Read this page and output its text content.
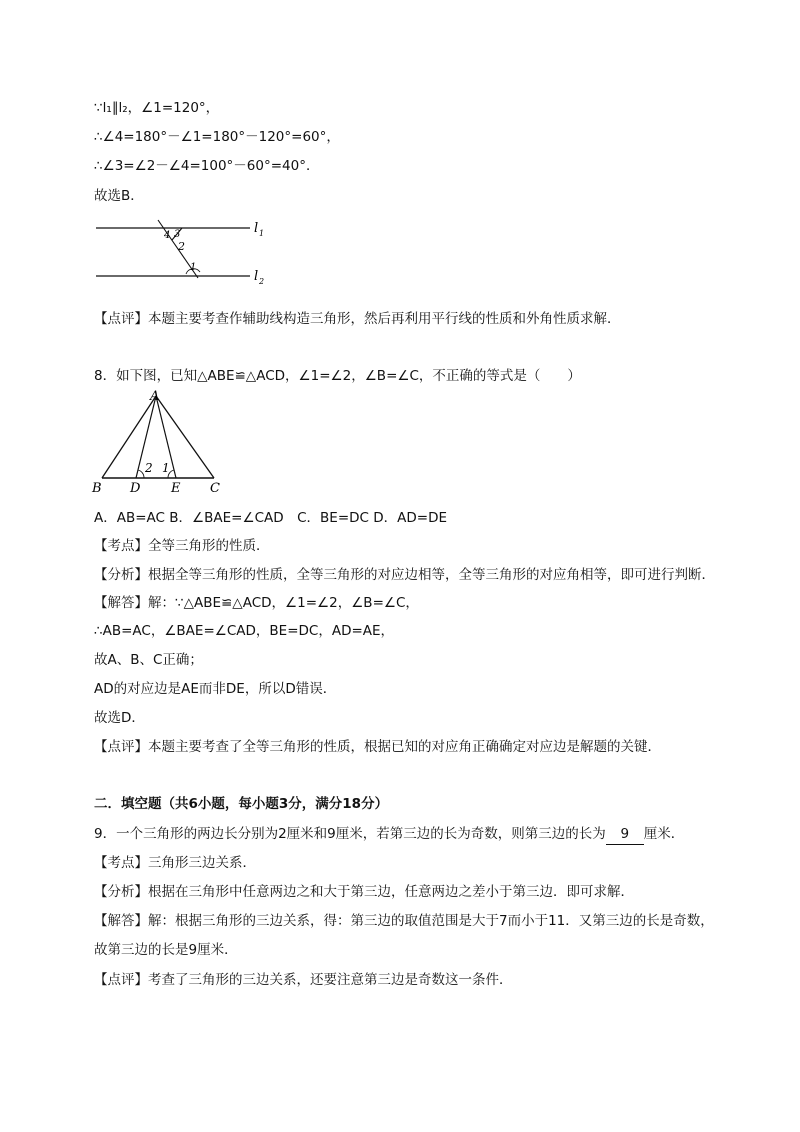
∵l₁∥l₂，∠1=120°，
∴∠4=180°－∠1=180°－120°=60°，
∴∠3=∠2－∠4=100°－60°=40°．
故选B．
l 1
l 2
4 3
2
1
【点评】本题主要考查作辅助线构造三角形，然后再利用平行线的性质和外角性质求解．
8．如下图，已知△ABE≌△ACD，∠1=∠2，∠B=∠C，不正确的等式是（　　）
A
B D E C
2 1
A．AB=AC B．∠BAE=∠CAD　C．BE=DC D．AD=DE
【考点】全等三角形的性质．
【分析】根据全等三角形的性质，全等三角形的对应边相等，全等三角形的对应角相等，即可进行判断．
【解答】解：∵△ABE≌△ACD，∠1=∠2，∠B=∠C，
∴AB=AC，∠BAE=∠CAD，BE=DC，AD=AE，
故A、B、C正确；
AD的对应边是AE而非DE，所以D错误．
故选D．
【点评】本题主要考查了全等三角形的性质，根据已知的对应角正确确定对应边是解题的关键．
二．填空题（共6小题，每小题3分，满分18分）
9．一个三角形的两边长分别为2厘米和9厘米，若第三边的长为奇数，则第三边的长为 9 厘米．
【考点】三角形三边关系．
【分析】根据在三角形中任意两边之和大于第三边，任意两边之差小于第三边．即可求解．
【解答】解：根据三角形的三边关系，得：第三边的取值范围是大于7而小于11．又第三边的长是奇数，
故第三边的长是9厘米．
【点评】考查了三角形的三边关系，还要注意第三边是奇数这一条件．
